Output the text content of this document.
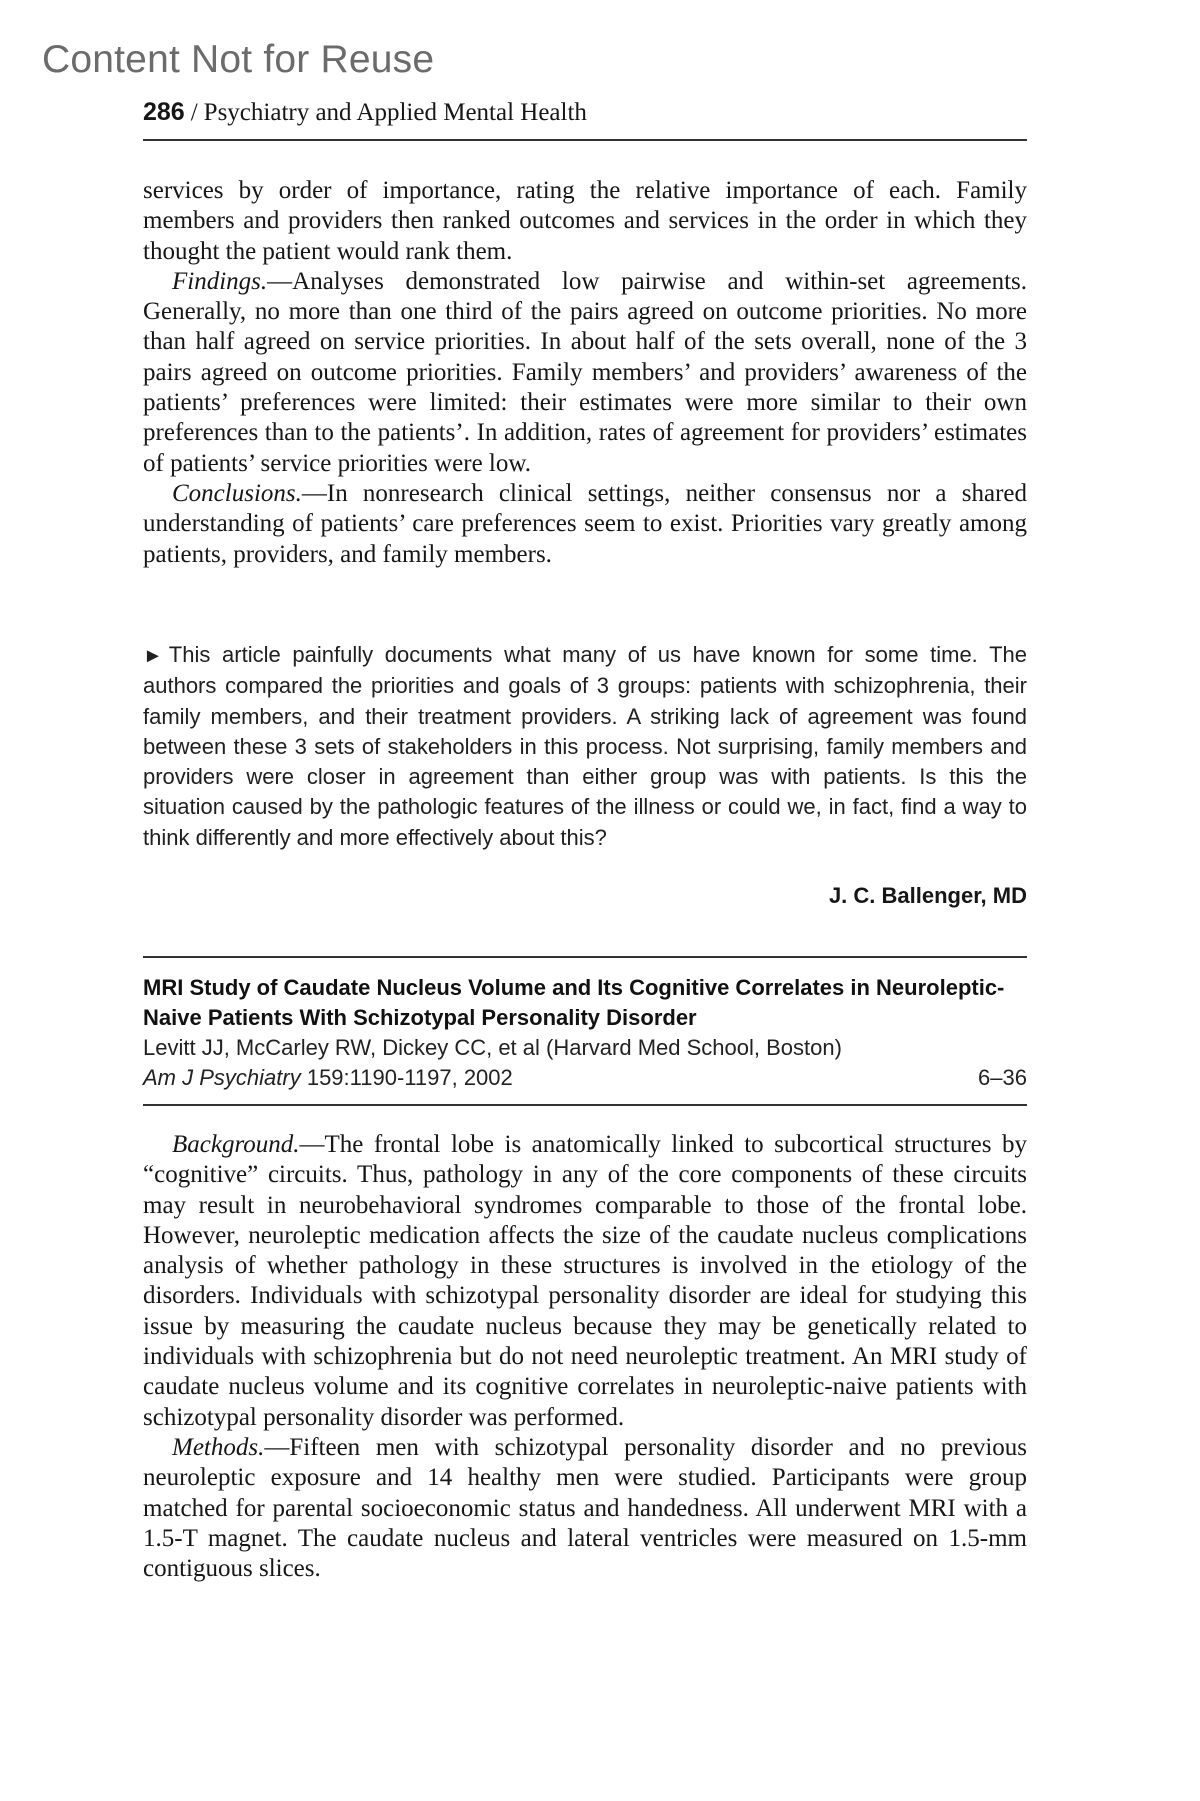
Content Not for Reuse
286 / Psychiatry and Applied Mental Health

services by order of importance, rating the relative importance of each. Family members and providers then ranked outcomes and services in the order in which they thought the patient would rank them.

Findings.—Analyses demonstrated low pairwise and within-set agreements. Generally, no more than one third of the pairs agreed on outcome priorities. No more than half agreed on service priorities. In about half of the sets overall, none of the 3 pairs agreed on outcome priorities. Family members’ and providers’ awareness of the patients’ preferences were limited: their estimates were more similar to their own preferences than to the patients’. In addition, rates of agreement for providers’ estimates of patients’ service priorities were low.

Conclusions.—In nonresearch clinical settings, neither consensus nor a shared understanding of patients’ care preferences seem to exist. Priorities vary greatly among patients, providers, and family members.

► This article painfully documents what many of us have known for some time. The authors compared the priorities and goals of 3 groups: patients with schizophrenia, their family members, and their treatment providers. A striking lack of agreement was found between these 3 sets of stakeholders in this process. Not surprising, family members and providers were closer in agreement than either group was with patients. Is this the situation caused by the pathologic features of the illness or could we, in fact, find a way to think differently and more effectively about this?

J. C. Ballenger, MD

MRI Study of Caudate Nucleus Volume and Its Cognitive Correlates in Neuroleptic-Naive Patients With Schizotypal Personality Disorder

Levitt JJ, McCarley RW, Dickey CC, et al (Harvard Med School, Boston)

Am J Psychiatry 159:1190-1197, 2002	6–36

Background.—The frontal lobe is anatomically linked to subcortical structures by “cognitive” circuits. Thus, pathology in any of the core components of these circuits may result in neurobehavioral syndromes comparable to those of the frontal lobe. However, neuroleptic medication affects the size of the caudate nucleus complications analysis of whether pathology in these structures is involved in the etiology of the disorders. Individuals with schizotypal personality disorder are ideal for studying this issue by measuring the caudate nucleus because they may be genetically related to individuals with schizophrenia but do not need neuroleptic treatment. An MRI study of caudate nucleus volume and its cognitive correlates in neuroleptic-naive patients with schizotypal personality disorder was performed.

Methods.—Fifteen men with schizotypal personality disorder and no previous neuroleptic exposure and 14 healthy men were studied. Participants were group matched for parental socioeconomic status and handedness. All underwent MRI with a 1.5-T magnet. The caudate nucleus and lateral ventricles were measured on 1.5-mm contiguous slices.
